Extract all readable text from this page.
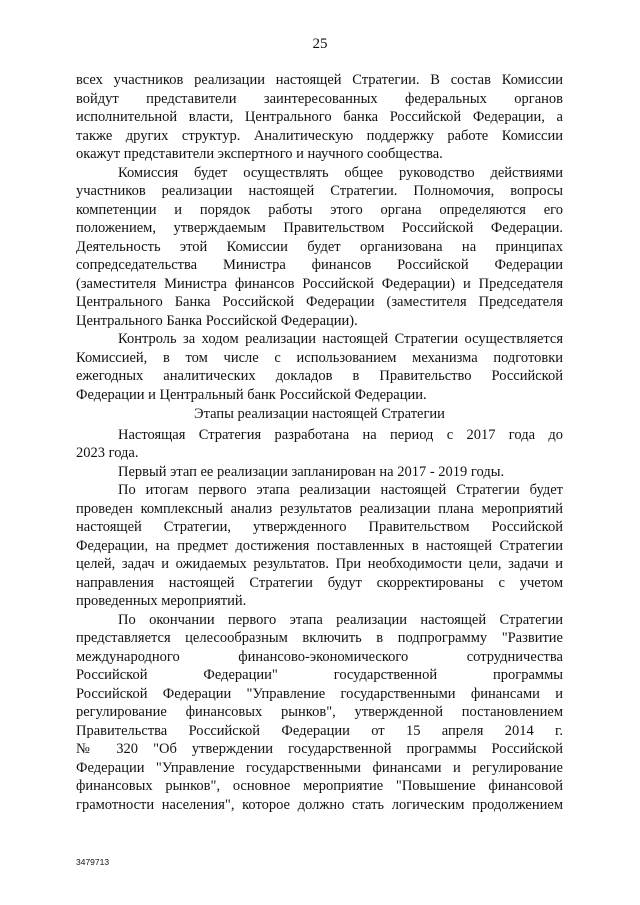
25
всех участников реализации настоящей Стратегии. В состав Комиссии
войдут представители заинтересованных федеральных органов
исполнительной власти, Центрального банка Российской Федерации, а
также других структур. Аналитическую поддержку работе Комиссии
окажут представители экспертного и научного сообщества.
Комиссия будет осуществлять общее руководство действиями
участников реализации настоящей Стратегии. Полномочия, вопросы
компетенции и порядок работы этого органа определяются его
положением, утверждаемым Правительством Российской Федерации.
Деятельность этой Комиссии будет организована на принципах
сопредседательства Министра финансов Российской Федерации
(заместителя Министра финансов Российской Федерации) и Председателя
Центрального Банка Российской Федерации (заместителя Председателя
Центрального Банка Российской Федерации).
Контроль за ходом реализации настоящей Стратегии осуществляется
Комиссией, в том числе с использованием механизма подготовки
ежегодных аналитических докладов в Правительство Российской
Федерации и Центральный банк Российской Федерации.
Этапы реализации настоящей Стратегии
Настоящая Стратегия разработана на период с 2017 года до
2023 года.
Первый этап ее реализации запланирован на 2017 - 2019 годы.
По итогам первого этапа реализации настоящей Стратегии будет
проведен комплексный анализ результатов реализации плана мероприятий
настоящей Стратегии, утвержденного Правительством Российской
Федерации, на предмет достижения поставленных в настоящей Стратегии
целей, задач и ожидаемых результатов. При необходимости цели, задачи и
направления настоящей Стратегии будут скорректированы с учетом
проведенных мероприятий.
По окончании первого этапа реализации настоящей Стратегии
представляется целесообразным включить в подпрограмму "Развитие
международного финансово-экономического сотрудничества
Российской Федерации" государственной программы
Российской Федерации "Управление государственными финансами и
регулирование финансовых рынков", утвержденной постановлением
Правительства Российской Федерации от 15 апреля 2014 г.
№ 320 "Об утверждении государственной программы Российской
Федерации "Управление государственными финансами и регулирование
финансовых рынков", основное мероприятие "Повышение финансовой
грамотности населения", которое должно стать логическим продолжением
3479713
